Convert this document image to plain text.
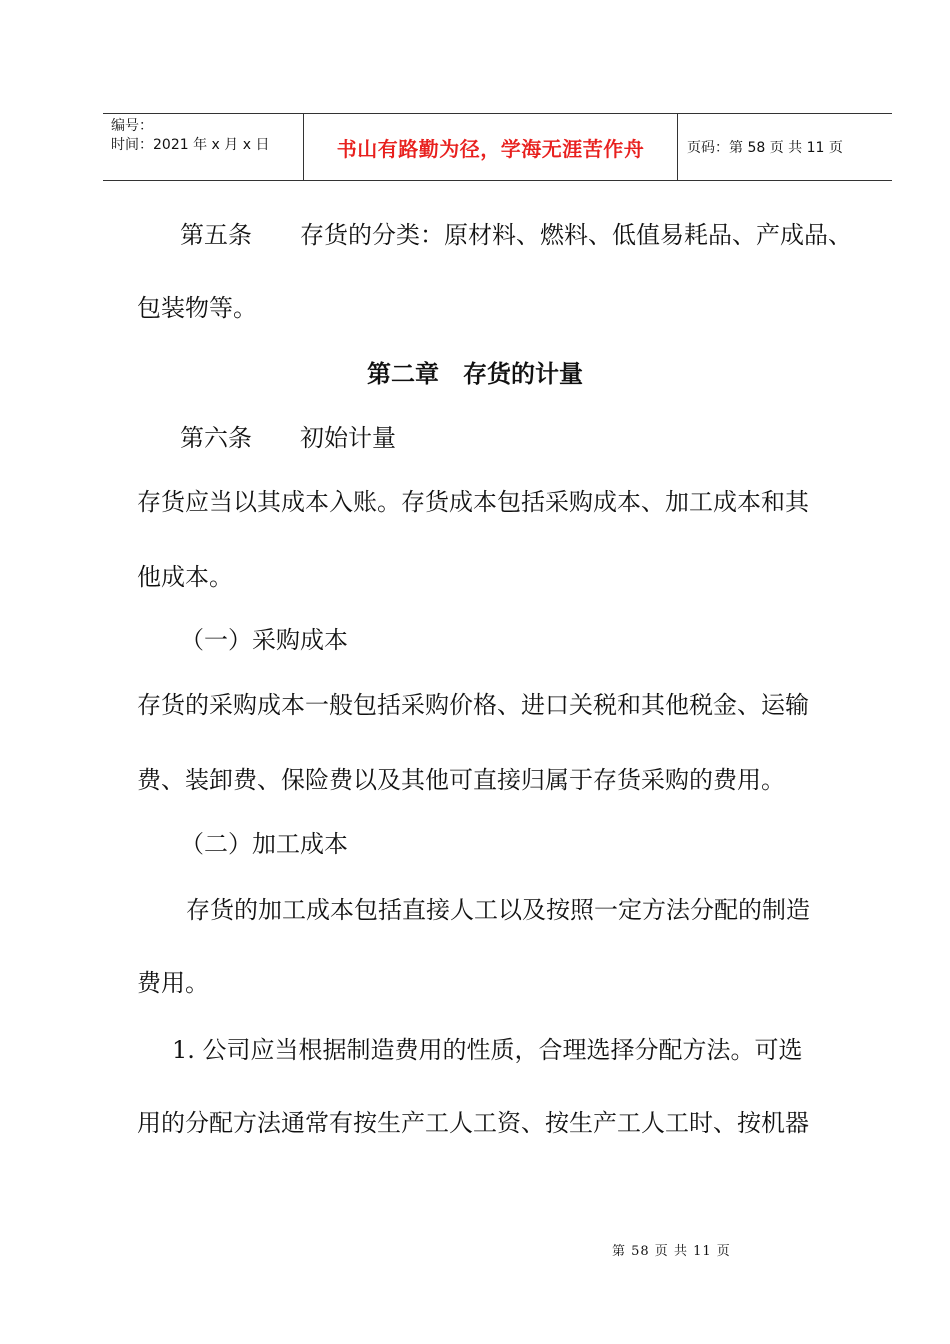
编号：
时间：2021 年 x 月 x 日	书山有路勤为径，学海无涯苦作舟	页码：第 58 页 共 11 页
第五条　　存货的分类：原材料、燃料、低值易耗品、产成品、
包装物等。
第二章　存货的计量
第六条　　初始计量
存货应当以其成本入账。存货成本包括采购成本、加工成本和其
他成本。
（一）采购成本
存货的采购成本一般包括采购价格、进口关税和其他税金、运输
费、装卸费、保险费以及其他可直接归属于存货采购的费用。
（二）加工成本
存货的加工成本包括直接人工以及按照一定方法分配的制造
费用。
1. 公司应当根据制造费用的性质，合理选择分配方法。可选
用的分配方法通常有按生产工人工资、按生产工人工时、按机器
第 58 页 共 11 页
